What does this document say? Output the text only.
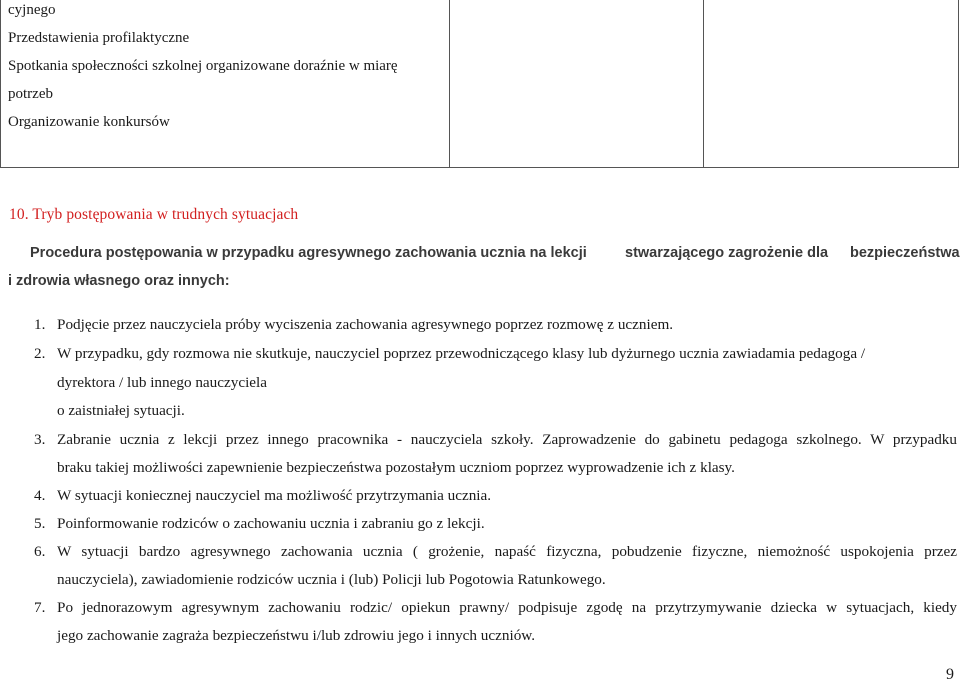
cyjnego
Przedstawienia profilaktyczne
Spotkania społeczności szkolnej organizowane doraźnie w miarę
potrzeb
Organizowanie konkursów
10. Tryb postępowania w trudnych sytuacjach
Procedura postępowania w przypadku agresywnego zachowania ucznia na lekcji	stwarzającego zagrożenie dla bezpieczeństwa
i zdrowia własnego oraz innych:
1. Podjęcie przez nauczyciela próby wyciszenia zachowania agresywnego poprzez rozmowę z uczniem.
2. W przypadku, gdy rozmowa nie skutkuje, nauczyciel poprzez przewodniczącego klasy lub dyżurnego ucznia zawiadamia pedagoga /
dyrektora / lub innego nauczyciela
o zaistniałej sytuacji.
3. Zabranie ucznia z lekcji przez innego pracownika - nauczyciela szkoły. Zaprowadzenie do gabinetu pedagoga szkolnego. W przypadku
braku takiej możliwości zapewnienie bezpieczeństwa pozostałym uczniom poprzez wyprowadzenie ich z klasy.
4. W sytuacji koniecznej nauczyciel ma możliwość przytrzymania ucznia.
5. Poinformowanie rodziców o zachowaniu ucznia i zabraniu go z lekcji.
6. W sytuacji bardzo agresywnego zachowania ucznia ( grożenie, napaść fizyczna, pobudzenie fizyczne, niemożność uspokojenia przez
nauczyciela), zawiadomienie rodziców ucznia i (lub) Policji lub Pogotowia Ratunkowego.
7. Po jednorazowym agresywnym zachowaniu rodzic/ opiekun prawny/ podpisuje zgodę na przytrzymywanie dziecka w sytuacjach, kiedy
jego zachowanie zagraża bezpieczeństwu i/lub zdrowiu jego i innych uczniów.
9
